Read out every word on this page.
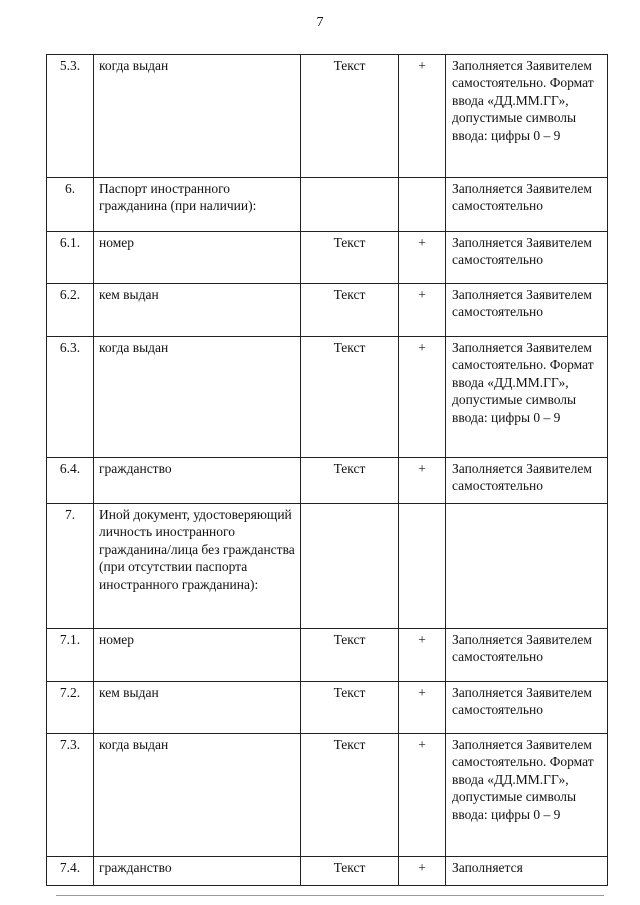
7
5.3.	когда выдан	Текст	+	Заполняется Заявителем самостоятельно. Формат ввода «ДД.ММ.ГГ», допустимые символы ввода: цифры 0 – 9
6.	Паспорт иностранного гражданина (при наличии):			Заполняется Заявителем самостоятельно
6.1.	номер	Текст	+	Заполняется Заявителем самостоятельно
6.2.	кем выдан	Текст	+	Заполняется Заявителем самостоятельно
6.3.	когда выдан	Текст	+	Заполняется Заявителем самостоятельно. Формат ввода «ДД.ММ.ГГ», допустимые символы ввода: цифры 0 – 9
6.4.	гражданство	Текст	+	Заполняется Заявителем самостоятельно
7.	Иной документ, удостоверяющий личность иностранного гражданина/лица без гражданства (при отсутствии паспорта иностранного гражданина):			
7.1.	номер	Текст	+	Заполняется Заявителем самостоятельно
7.2.	кем выдан	Текст	+	Заполняется Заявителем самостоятельно
7.3.	когда выдан	Текст	+	Заполняется Заявителем самостоятельно. Формат ввода «ДД.ММ.ГГ», допустимые символы ввода: цифры 0 – 9
7.4.	гражданство	Текст	+	Заполняется
